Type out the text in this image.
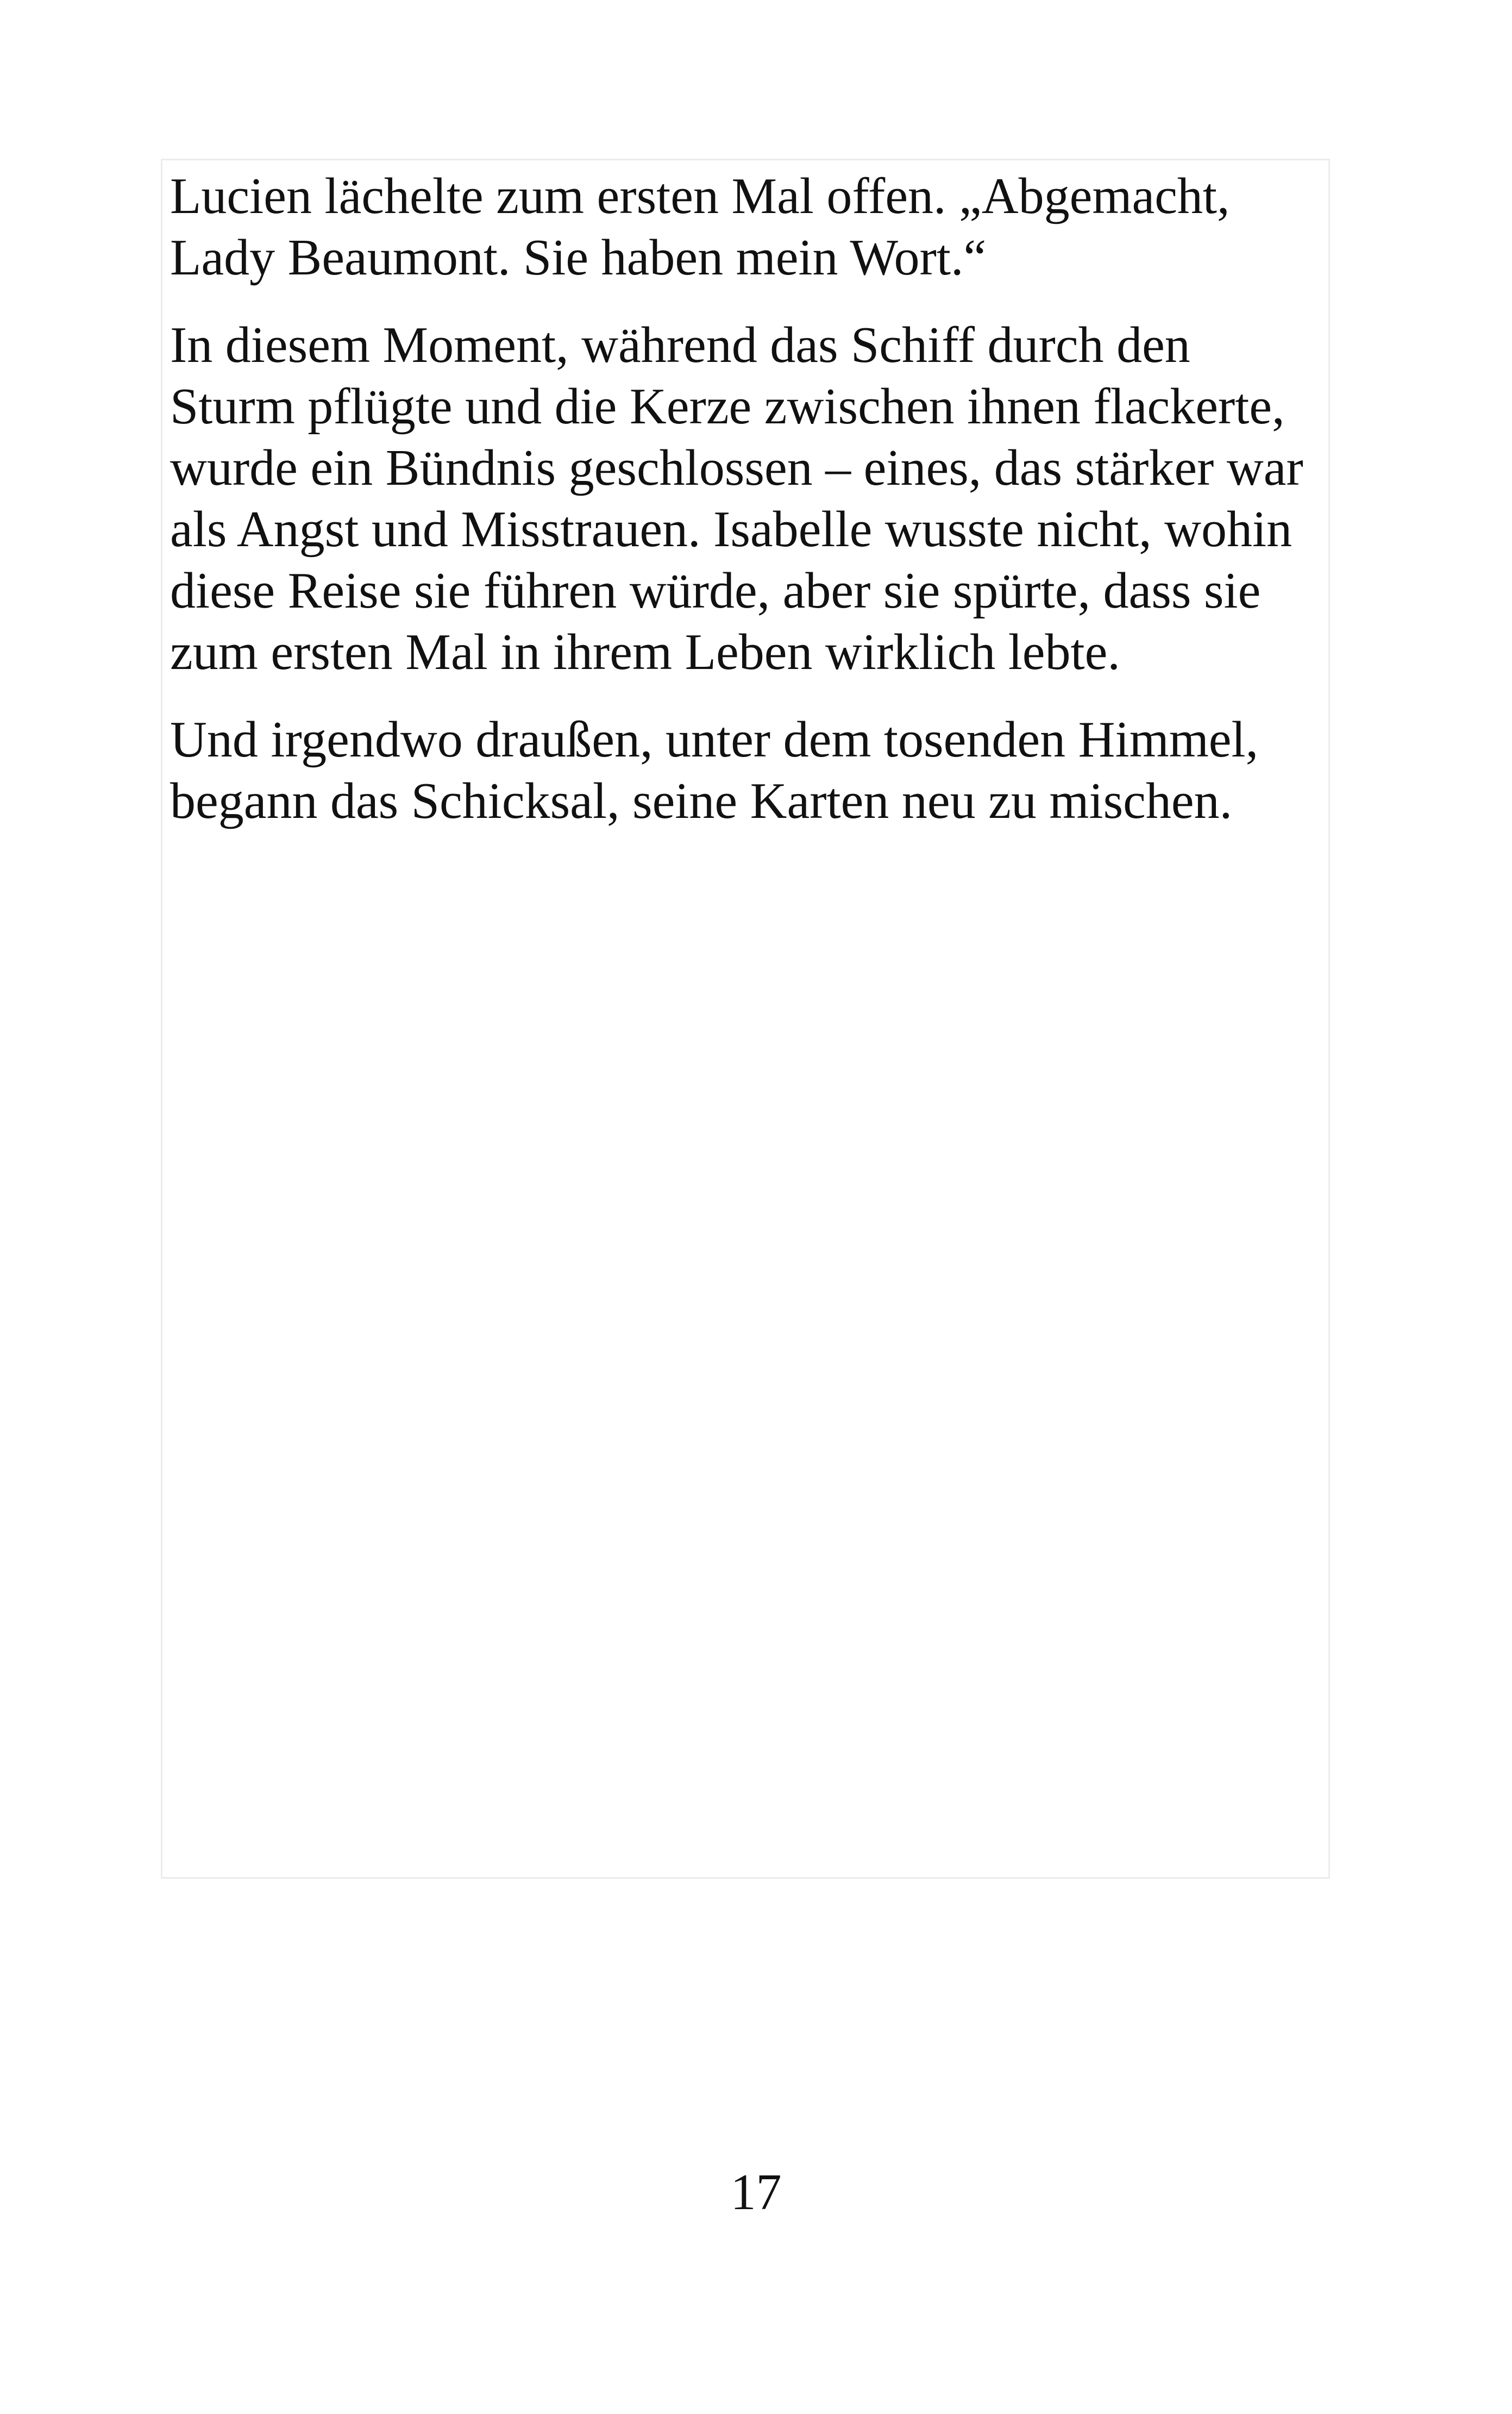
Lucien lächelte zum ersten Mal offen. „Abgemacht, Lady Beaumont. Sie haben mein Wort.“

In diesem Moment, während das Schiff durch den Sturm pflügte und die Kerze zwischen ihnen flackerte, wurde ein Bündnis geschlossen – eines, das stärker war als Angst und Misstrauen. Isabelle wusste nicht, wohin diese Reise sie führen würde, aber sie spürte, dass sie zum ersten Mal in ihrem Leben wirklich lebte.

Und irgendwo draußen, unter dem tosenden Himmel, begann das Schicksal, seine Karten neu zu mischen.

17
